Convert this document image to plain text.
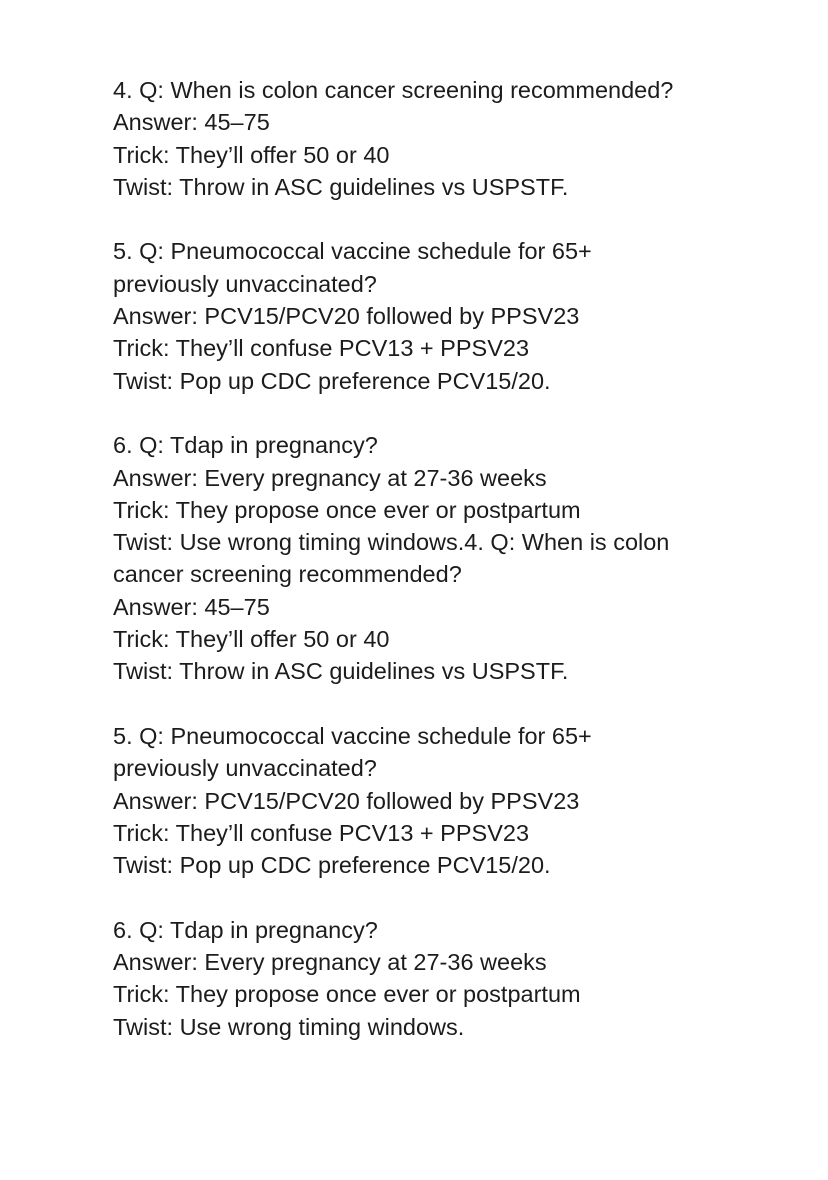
4. Q: When is colon cancer screening recommended?

Answer: 45–75

Trick: They’ll offer 50 or 40

Twist: Throw in ASC guidelines vs USPSTF.

5. Q: Pneumococcal vaccine schedule for 65+

previously unvaccinated?

Answer: PCV15/PCV20 followed by PPSV23

Trick: They’ll confuse PCV13 + PPSV23

Twist: Pop up CDC preference PCV15/20.

6. Q: Tdap in pregnancy?

Answer: Every pregnancy at 27-36 weeks

Trick: They propose once ever or postpartum

Twist: Use wrong timing windows.4. Q: When is colon

cancer screening recommended?

Answer: 45–75

Trick: They’ll offer 50 or 40

Twist: Throw in ASC guidelines vs USPSTF.

5. Q: Pneumococcal vaccine schedule for 65+

previously unvaccinated?

Answer: PCV15/PCV20 followed by PPSV23

Trick: They’ll confuse PCV13 + PPSV23

Twist: Pop up CDC preference PCV15/20.

6. Q: Tdap in pregnancy?

Answer: Every pregnancy at 27-36 weeks

Trick: They propose once ever or postpartum

Twist: Use wrong timing windows.
